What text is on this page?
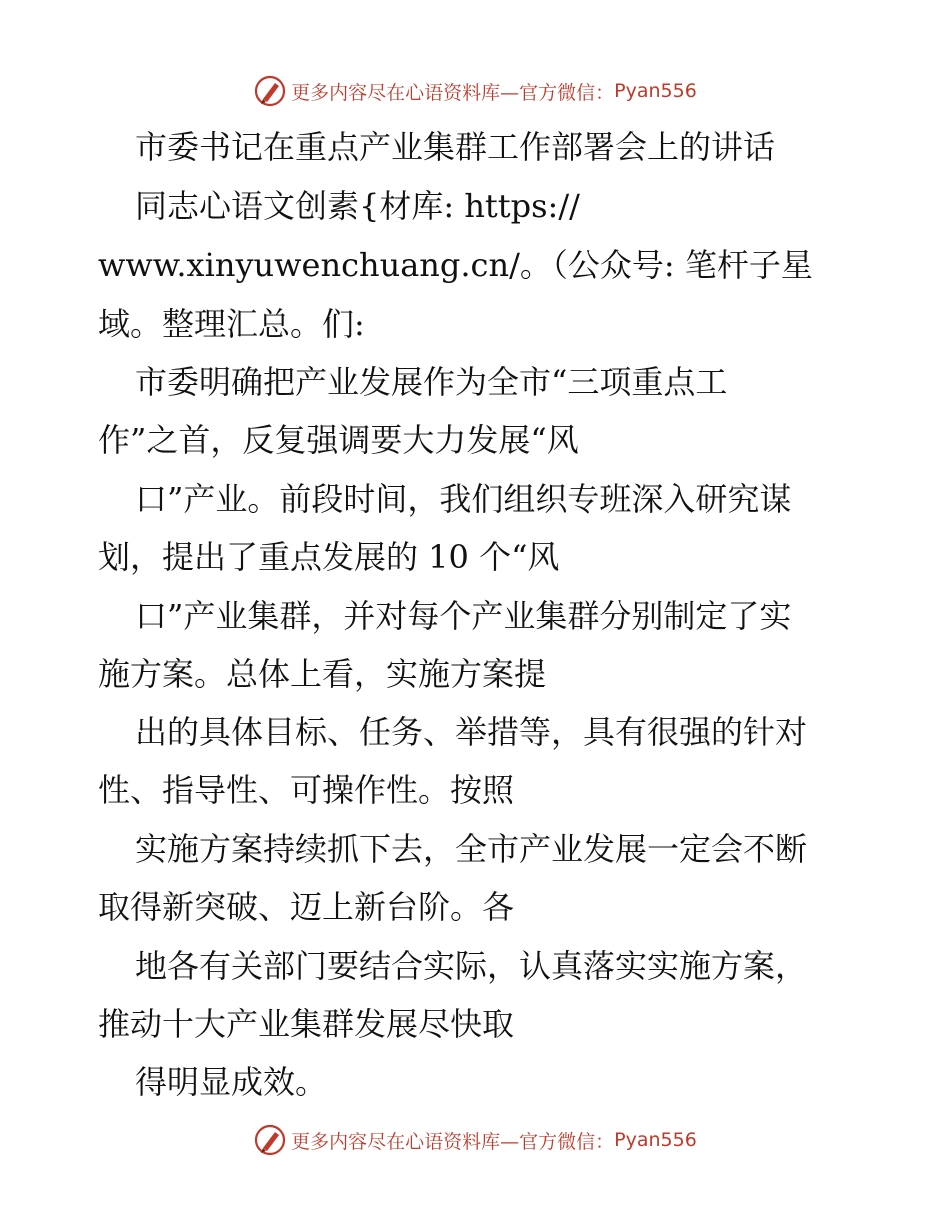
更多内容尽在心语资料库—官方微信： Pyan556
市委书记在重点产业集群工作部署会上的讲话
同志心语文创素{材库: https://
www.xinyuwenchuang.cn/。（公众号: 笔杆子星
域。整理汇总。们:
市委明确把产业发展作为全市“三项重点工
作”之首，反复强调要大力发展“风
口”产业。前段时间，我们组织专班深入研究谋
划，提出了重点发展的 10 个“风
口”产业集群，并对每个产业集群分别制定了实
施方案。总体上看，实施方案提
出的具体目标、任务、举措等，具有很强的针对
性、指导性、可操作性。按照
实施方案持续抓下去，全市产业发展一定会不断
取得新突破、迈上新台阶。各
地各有关部门要结合实际，认真落实实施方案，
推动十大产业集群发展尽快取
得明显成效。
更多内容尽在心语资料库—官方微信： Pyan556
